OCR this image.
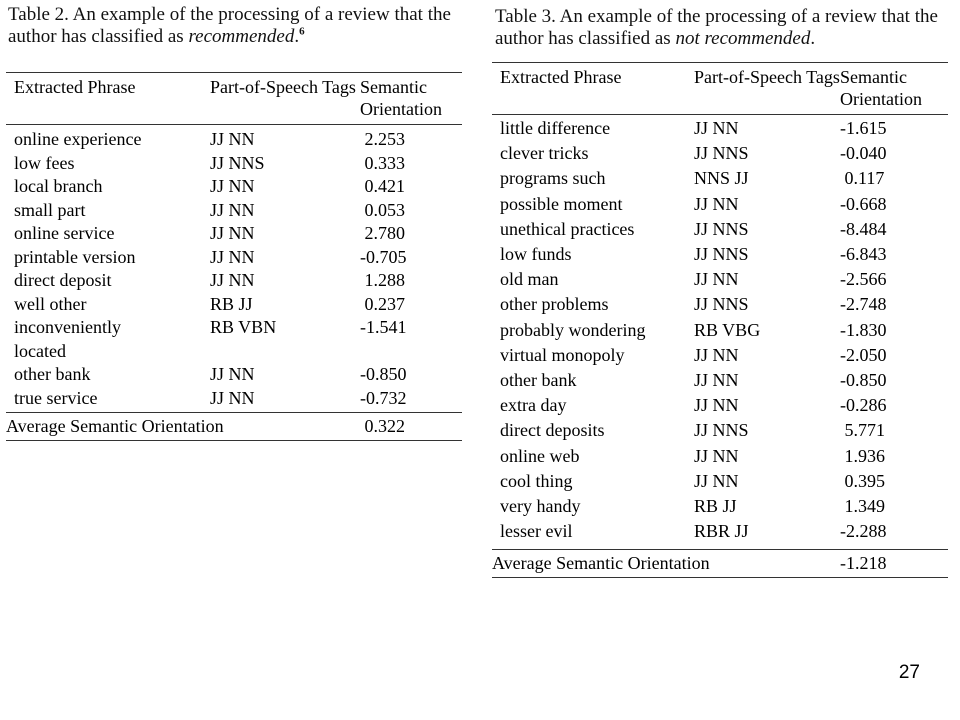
Table 2. An example of the processing of a review that the author has classified as recommended.$^6$
Extracted Phrase	Part-of-Speech Tags Semantic Orientation
online experience	JJ NN	2.253
low fees	JJ NNS	0.333
local branch	JJ NN	0.421
small part	JJ NN	0.053
online service	JJ NN	2.780
printable version	JJ NN	-0.705
direct deposit	JJ NN	1.288
well other	RB JJ	0.237
inconveniently	RB VBN	-1.541
located
other bank	JJ NN	-0.850
true service	JJ NN	-0.732
Average Semantic Orientation	0.322
Table 3. An example of the processing of a review that the author has classified as not recommended.
Extracted Phrase	Part-of-Speech Tags Semantic Orientation
little difference	JJ NN	-1.615
clever tricks	JJ NNS	-0.040
programs such	NNS JJ	0.117
possible moment	JJ NN	-0.668
unethical practices	JJ NNS	-8.484
low funds	JJ NNS	-6.843
old man	JJ NN	-2.566
other problems	JJ NNS	-2.748
probably wondering	RB VBG	-1.830
virtual monopoly	JJ NN	-2.050
other bank	JJ NN	-0.850
extra day	JJ NN	-0.286
direct deposits	JJ NNS	5.771
online web	JJ NN	1.936
cool thing	JJ NN	0.395
very handy	RB JJ	1.349
lesser evil	RBR JJ	-2.288
Average Semantic Orientation	-1.218
27
